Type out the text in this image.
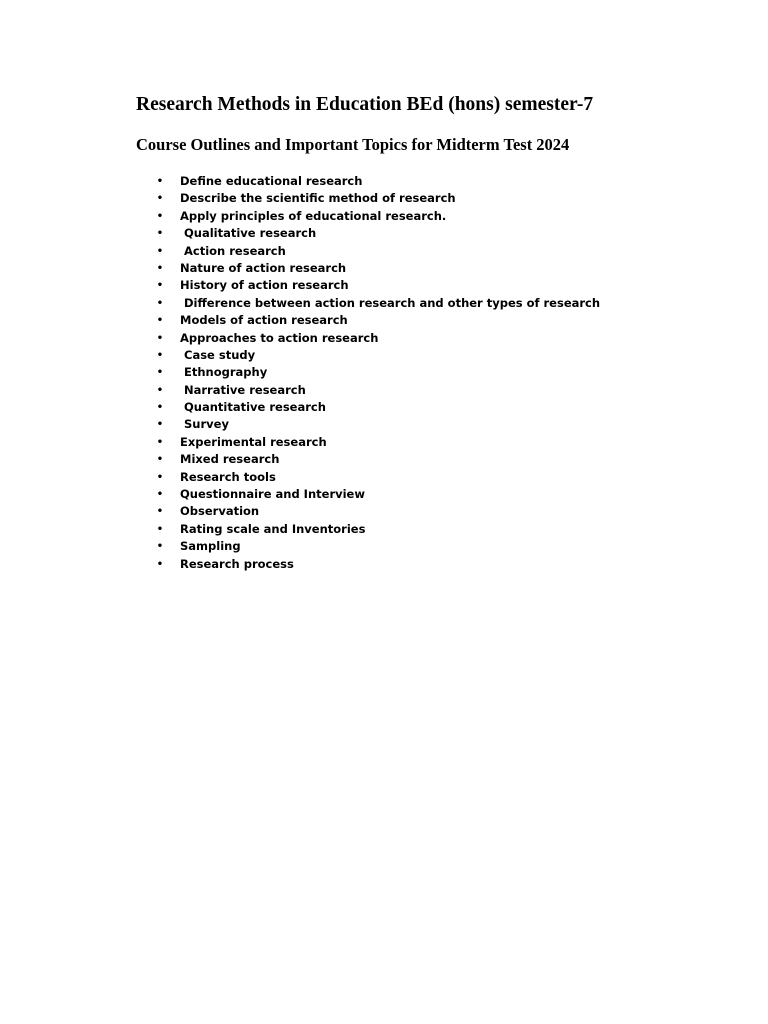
Research Methods in Education BEd (hons) semester-7
Course Outlines and Important Topics for Midterm Test 2024
• Define educational research
• Describe the scientific method of research
• Apply principles of educational research.
• Qualitative research
• Action research
• Nature of action research
• History of action research
• Difference between action research and other types of research
• Models of action research
• Approaches to action research
• Case study
• Ethnography
• Narrative research
• Quantitative research
• Survey
• Experimental research
• Mixed research
• Research tools
• Questionnaire and Interview
• Observation
• Rating scale and Inventories
• Sampling
• Research process
